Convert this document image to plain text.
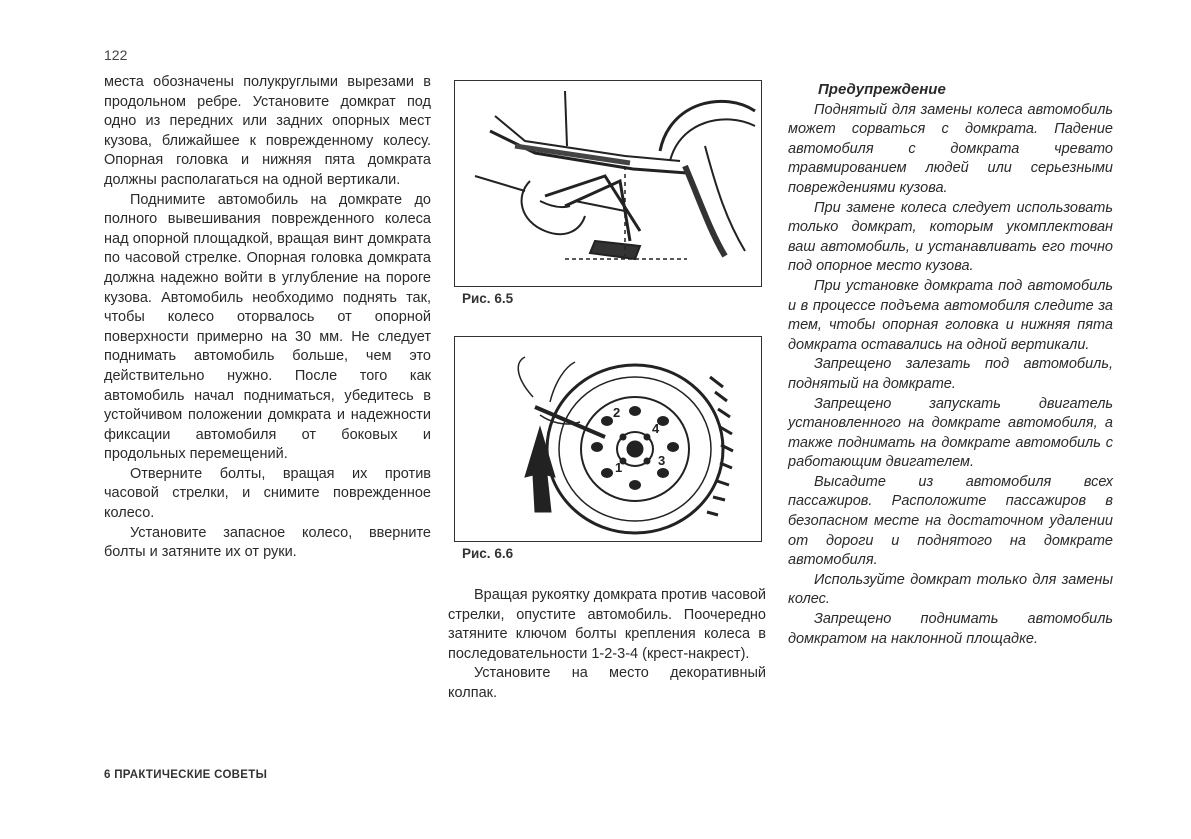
122

места обозначены полукруглыми вырезами в продольном ребре. Установите домкрат под одно из передних или задних опорных мест кузова, ближайшее к поврежденному колесу. Опорная головка и нижняя пята домкрата должны располагаться на одной вертикали.

Поднимите автомобиль на домкрате до полного вывешивания поврежденного колеса над опорной площадкой, вращая винт домкрата по часовой стрелке. Опорная головка домкрата должна надежно войти в углубление на пороге кузова. Автомобиль необходимо поднять так, чтобы колесо оторвалось от опорной поверхности примерно на 30 мм. Не следует поднимать автомобиль больше, чем это действительно нужно. После того как автомобиль начал подниматься, убедитесь в устойчивом положении домкрата и надежности фиксации автомобиля от боковых и продольных перемещений.

Отверните болты, вращая их против часовой стрелки, и снимите поврежденное колесо.

Установите запасное колесо, вверните болты и затяните их от руки.

Рис. 6.5
1
2
3
4
Рис. 6.6

Вращая рукоятку домкрата против часовой стрелки, опустите автомобиль. Поочередно затяните ключом болты крепления колеса в последовательности 1-2-3-4 (крест-накрест).

Установите на место декоративный колпак.

Предупреждение

Поднятый для замены колеса автомобиль может сорваться с домкрата. Падение автомобиля с домкрата чревато травмированием людей или серьезными повреждениями кузова.

При замене колеса следует использовать только домкрат, которым укомплектован ваш автомобиль, и устанавливать его точно под опорное место кузова.

При установке домкрата под автомобиль и в процессе подъема автомобиля следите за тем, чтобы опорная головка и нижняя пята домкрата оставались на одной вертикали.

Запрещено залезать под автомобиль, поднятый на домкрате.

Запрещено запускать двигатель установленного на домкрате автомобиля, а также поднимать на домкрате автомобиль с работающим двигателем.

Высадите из автомобиля всех пассажиров. Расположите пассажиров в безопасном месте на достаточном удалении от дороги и поднятого на домкрате автомобиля.

Используйте домкрат только для замены колес.

Запрещено поднимать автомобиль домкратом на наклонной площадке.

6 ПРАКТИЧЕСКИЕ СОВЕТЫ
